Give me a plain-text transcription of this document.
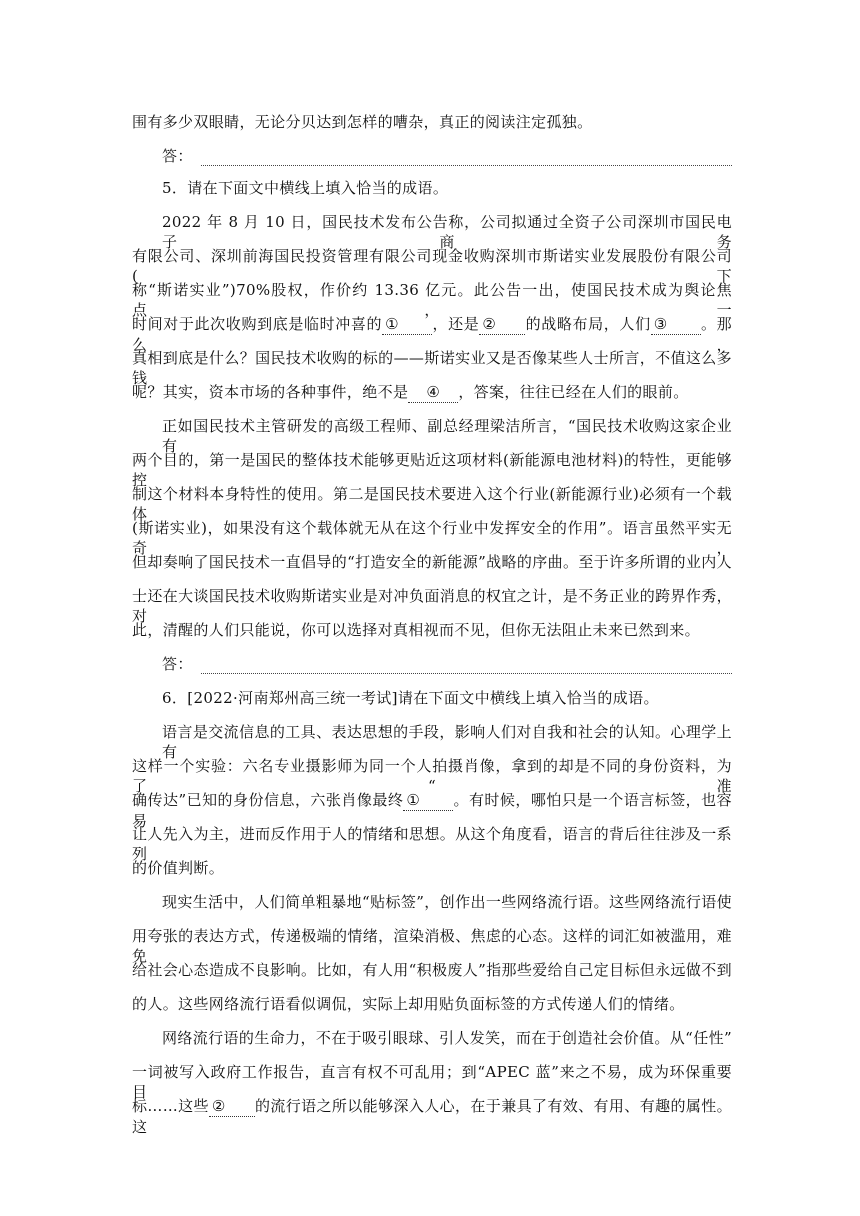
围有多少双眼睛，无论分贝达到怎样的嘈杂，真正的阅读注定孤独。
答：
5．请在下面文中横线上填入恰当的成语。
2022 年 8 月 10 日，国民技术发布公告称，公司拟通过全资子公司深圳市国民电子商务
有限公司、深圳前海国民投资管理有限公司现金收购深圳市斯诺实业发展股份有限公司(下
称“斯诺实业”)70%股权，作价约 13.36 亿元。此公告一出，使国民技术成为舆论焦点，一
时间对于此次收购到底是临时冲喜的 ① ，还是 ② 的战略布局，人们 ③ 。那么，
真相到底是什么？国民技术收购的标的——斯诺实业又是否像某些人士所言，不值这么多钱
呢？其实，资本市场的各种事件，绝不是 ④ ，答案，往往已经在人们的眼前。
正如国民技术主管研发的高级工程师、副总经理梁洁所言，“国民技术收购这家企业有
两个目的，第一是国民的整体技术能够更贴近这项材料(新能源电池材料)的特性，更能够控
制这个材料本身特性的使用。第二是国民技术要进入这个行业(新能源行业)必须有一个载体
(斯诺实业)，如果没有这个载体就无从在这个行业中发挥安全的作用”。语言虽然平实无奇，
但却奏响了国民技术一直倡导的“打造安全的新能源”战略的序曲。至于许多所谓的业内人
士还在大谈国民技术收购斯诺实业是对冲负面消息的权宜之计，是不务正业的跨界作秀，对
此，清醒的人们只能说，你可以选择对真相视而不见，但你无法阻止未来已然到来。
答：
6．[2022·河南郑州高三统一考试]请在下面文中横线上填入恰当的成语。
语言是交流信息的工具、表达思想的手段，影响人们对自我和社会的认知。心理学上有
这样一个实验：六名专业摄影师为同一个人拍摄肖像，拿到的却是不同的身份资料，为了“准
确传达”已知的身份信息，六张肖像最终 ① 。有时候，哪怕只是一个语言标签，也容易
让人先入为主，进而反作用于人的情绪和思想。从这个角度看，语言的背后往往涉及一系列
的价值判断。
现实生活中，人们简单粗暴地“贴标签”，创作出一些网络流行语。这些网络流行语使
用夸张的表达方式，传递极端的情绪，渲染消极、焦虑的心态。这样的词汇如被滥用，难免
给社会心态造成不良影响。比如，有人用“积极废人”指那些爱给自己定目标但永远做不到
的人。这些网络流行语看似调侃，实际上却用贴负面标签的方式传递人们的情绪。
网络流行语的生命力，不在于吸引眼球、引人发笑，而在于创造社会价值。从“任性”
一词被写入政府工作报告，直言有权不可乱用；到“APEC 蓝”来之不易，成为环保重要目
标……这些 ② 的流行语之所以能够深入人心，在于兼具了有效、有用、有趣的属性。这
